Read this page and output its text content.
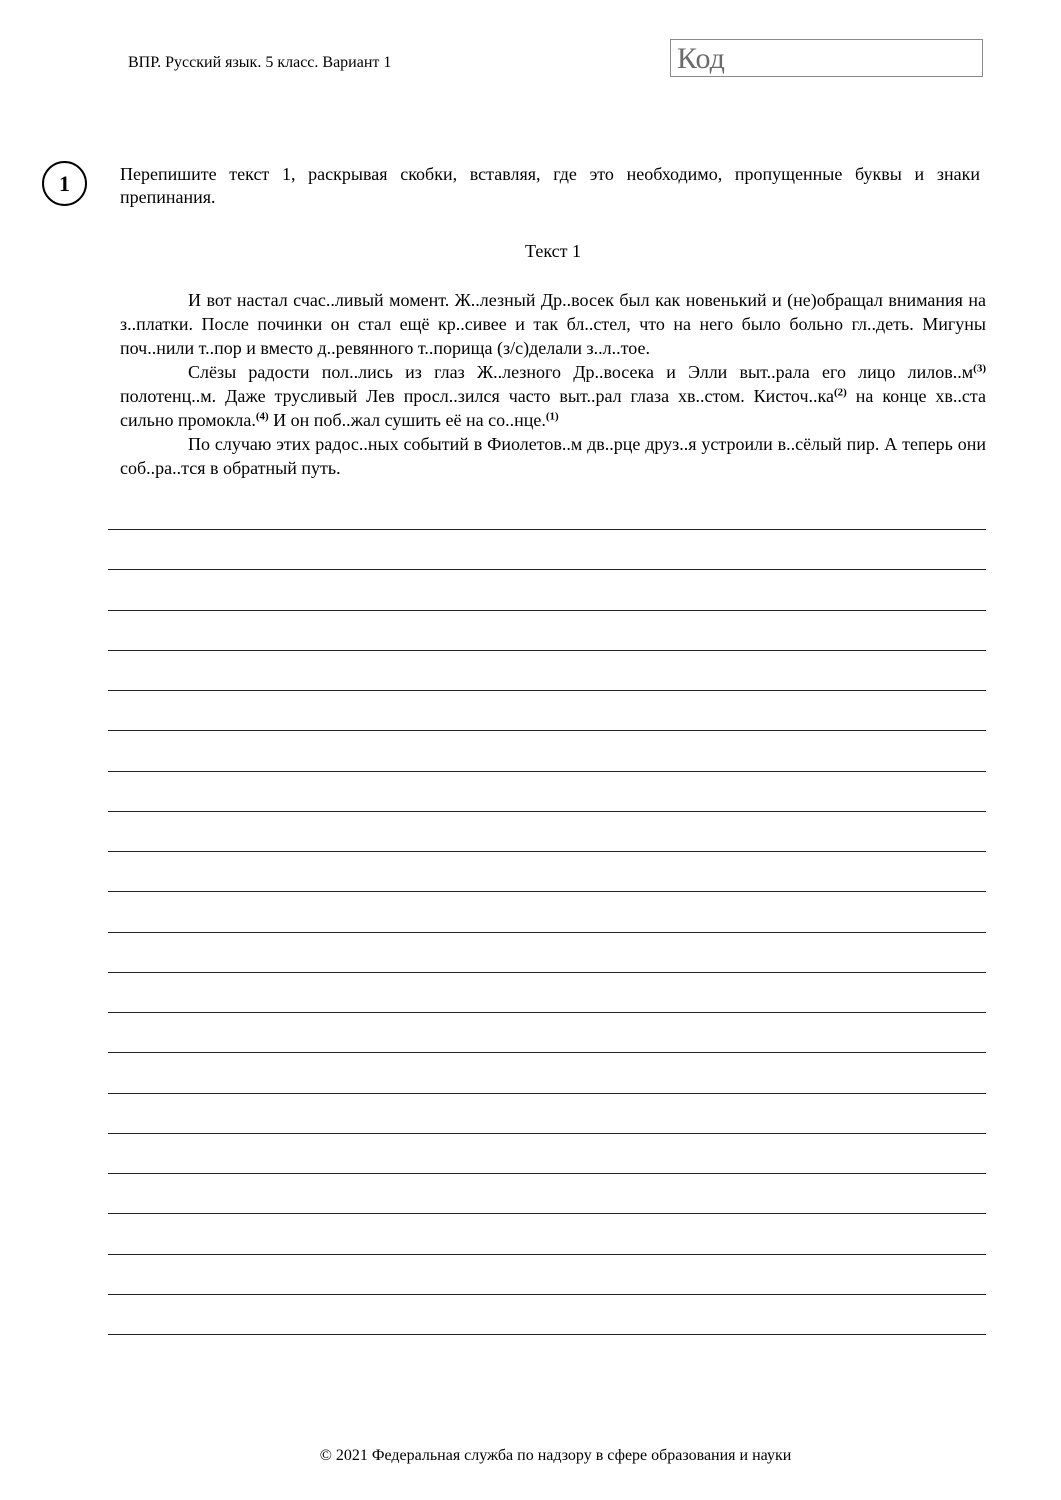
ВПР. Русский язык. 5 класс. Вариант 1	Код
1	Перепишите текст 1, раскрывая скобки, вставляя, где это необходимо, пропущенные буквы и знаки препинания.
Текст 1

И вот настал счас..ливый момент. Ж..лезный Др..восек был как новенький и (не)обращал внимания на з..платки. После починки он стал ещё кр..сивее и так бл..стел, что на него было больно гл..деть. Мигуны поч..нили т..пор и вместо д..ревянного т..порища (з/с)делали з..л..тое.

Слёзы радости пол..лись из глаз Ж..лезного Др..восека и Элли выт..рала его лицо $лилов..м^{(3)}$ полотенц..м. Даже трусливый Лев просл..зился часто выт..рал глаза хв..стом. $Кисточ..ка^{(2)}$ на конце хв..ста сильно промокла.$^{(4)}$ И он поб..жал сушить её на со..нце.$^{(1)}$

По случаю этих радос..ных событий в Фиолетов..м дв..рце друз..я устроили в..сёлый пир. А теперь они соб..ра..тся в обратный путь.

© 2021 Федеральная служба по надзору в сфере образования и науки
